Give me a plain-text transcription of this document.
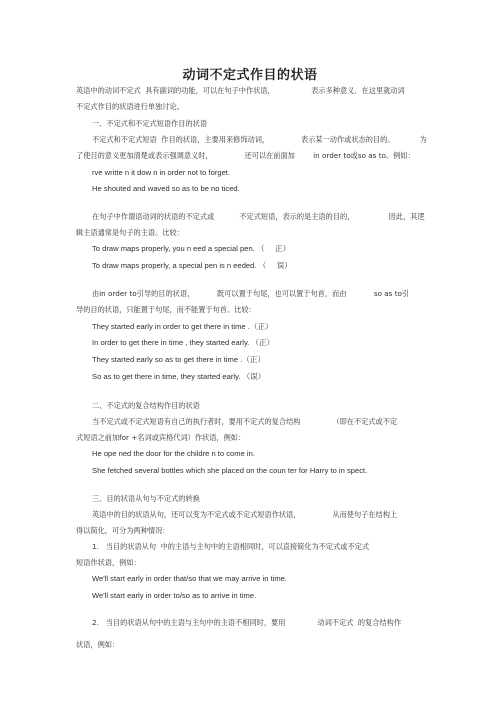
动词不定式作目的状语
英语中的动词不定式  具有副词的功能，可以在句子中作状语，                表示多种意义．在这里就动词
不定式作目的状语进行单独讨论。
一、不定式和不定式短语作目的状语
不定式和不定式短语  作目的状语，主要用来修饰动词，              表示某一动作或状态的目的。           为
了使目的意义更加清楚或表示强调意义时，              还可以在前面加        in order to或so as to。例如：
rve writte n it dow n in order not to forget.
He shouted and waved so as to be no ticed.
在句子中作谓语动词的状语的不定式或           不定式短语，表示的是主语的目的，               因此，其逻
辑主语通常是句子的主语。比较：
To draw maps properly, you n eed a special pen. （     正）
To draw maps properly, a special pen is n eeded. （     误）
由in order to引导的目的状语，          既可以置于句尾，也可以置于句首，而由            so as to引
导的目的状语，只能置于句尾，而不能置于句首。比较：
They started early in order to get there in time .（正）
In order to get there in time , they started early. （正）
They started early so as to get there in time .（正）
So as to get there in time, they started early. （误）
二、不定式的复合结构作目的状语
当不定式或不定式短语有自己的执行者时，要用不定式的复合结构              （即在不定式或不定
式短语之前加for +名词或宾格代词）作状语，例如：
He ope ned the door for the childre n to come in.
She fetched several bottles which she placed on the coun ter for Harry to in spect.
三、目的状语从句与不定式的转换
英语中的目的状语从句，还可以变为不定式或不定式短语作状语，              从而使句子在结构上
得以简化，可分为两种情况：
1.   当目的状语从句  中的主语与主句中的主语相同时，可以直接简化为不定式或不定式
短语作状语，例如：
We'll start early in order that/so that we may arrive in time.
We'll start early in order to/so as to arrive in time.
2.   当目的状语从句中的主语与主句中的主语不相同时，要用              动词不定式  的复合结构作
状语，例如：
